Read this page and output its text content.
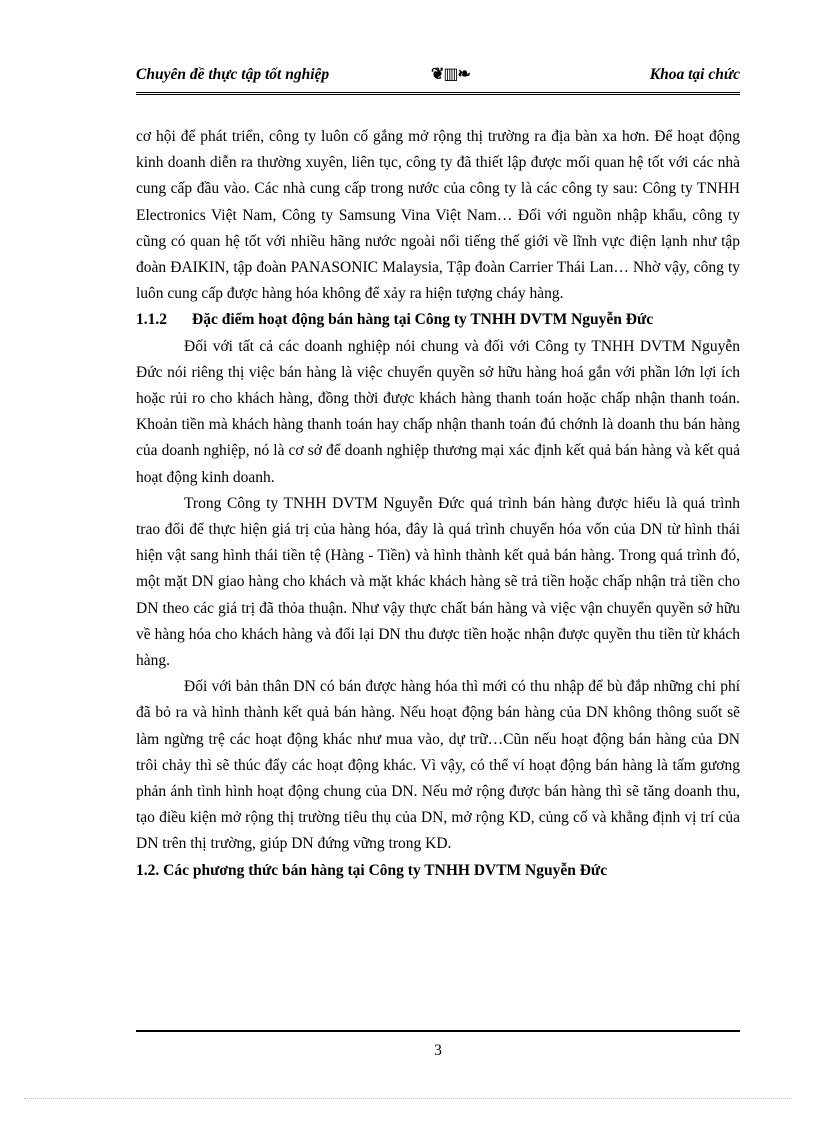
Chuyên đề thực tập tốt nghiệp	❦▥❧	Khoa tại chức

cơ hội để phát triển, công ty luôn cố gắng mở rộng thị trường ra địa bàn xa hơn. Để hoạt động kinh doanh diễn ra thường xuyên, liên tục, công ty đã thiết lập được mối quan hệ tốt với các nhà cung cấp đầu vào. Các nhà cung cấp trong nước của công ty là các công ty sau: Công ty TNHH Electronics Việt Nam, Công ty Samsung Vina Việt Nam… Đối với nguồn nhập khẩu, công ty cũng có quan hệ tốt với nhiều hãng nước ngoài nổi tiếng thế giới về lĩnh vực điện lạnh như tập đoàn ĐAIKIN, tập đoàn PANASONIC Malaysia, Tập đoàn Carrier Thái Lan… Nhờ vậy, công ty luôn cung cấp được hàng hóa không để xảy ra hiện tượng cháy hàng.

1.1.2 Đặc điểm hoạt động bán hàng tại Công ty TNHH DVTM Nguyễn Đức

Đối với tất cả các doanh nghiệp nói chung và đối với Công ty TNHH DVTM Nguyễn Đức nói riêng thị việc bán hàng là việc chuyển quyền sở hữu hàng hoá gắn với phần lớn lợi ích hoặc rủi ro cho khách hàng, đồng thời được khách hàng thanh toán hoặc chấp nhận thanh toán. Khoản tiền mà khách hàng thanh toán hay chấp nhận thanh toán đú chớnh là doanh thu bán hàng của doanh nghiệp, nó là cơ sở để doanh nghiệp thương mại xác định kết quả bán hàng và kết quả hoạt động kinh doanh.

Trong Công ty TNHH DVTM Nguyễn Đức quá trình bán hàng được hiểu là quá trình trao đổi để thực hiện giá trị của hàng hóa, đây là quá trình chuyển hóa vốn của DN từ hình thái hiện vật sang hình thái tiền tệ (Hàng - Tiền) và hình thành kết quả bán hàng. Trong quá trình đó, một mặt DN giao hàng cho khách và mặt khác khách hàng sẽ trả tiền hoặc chấp nhận trả tiền cho DN theo các giá trị đã thỏa thuận. Như vậy thực chất bán hàng và việc vận chuyển quyền sở hữu về hàng hóa cho khách hàng và đổi lại DN thu được tiền hoặc nhận được quyền thu tiền từ khách hàng.

Đối với bản thân DN có bán được hàng hóa thì mới có thu nhập để bù đắp những chi phí đã bỏ ra và hình thành kết quả bán hàng. Nếu hoạt động bán hàng của DN không thông suốt sẽ làm ngừng trệ các hoạt động khác như mua vào, dự trữ…Cũn nếu hoạt động bán hàng của DN trôi chảy thì sẽ thúc đẩy các hoạt động khác. Vì vậy, có thể ví hoạt động bán hàng là tấm gương phản ánh tình hình hoạt động chung của DN. Nếu mở rộng được bán hàng thì sẽ tăng doanh thu, tạo điều kiện mở rộng thị trường tiêu thụ của DN, mở rộng KD, củng cố và khẳng định vị trí của DN trên thị trường, giúp DN đứng vững trong KD.

1.2. Các phương thức bán hàng tại Công ty TNHH DVTM Nguyễn Đức

3
